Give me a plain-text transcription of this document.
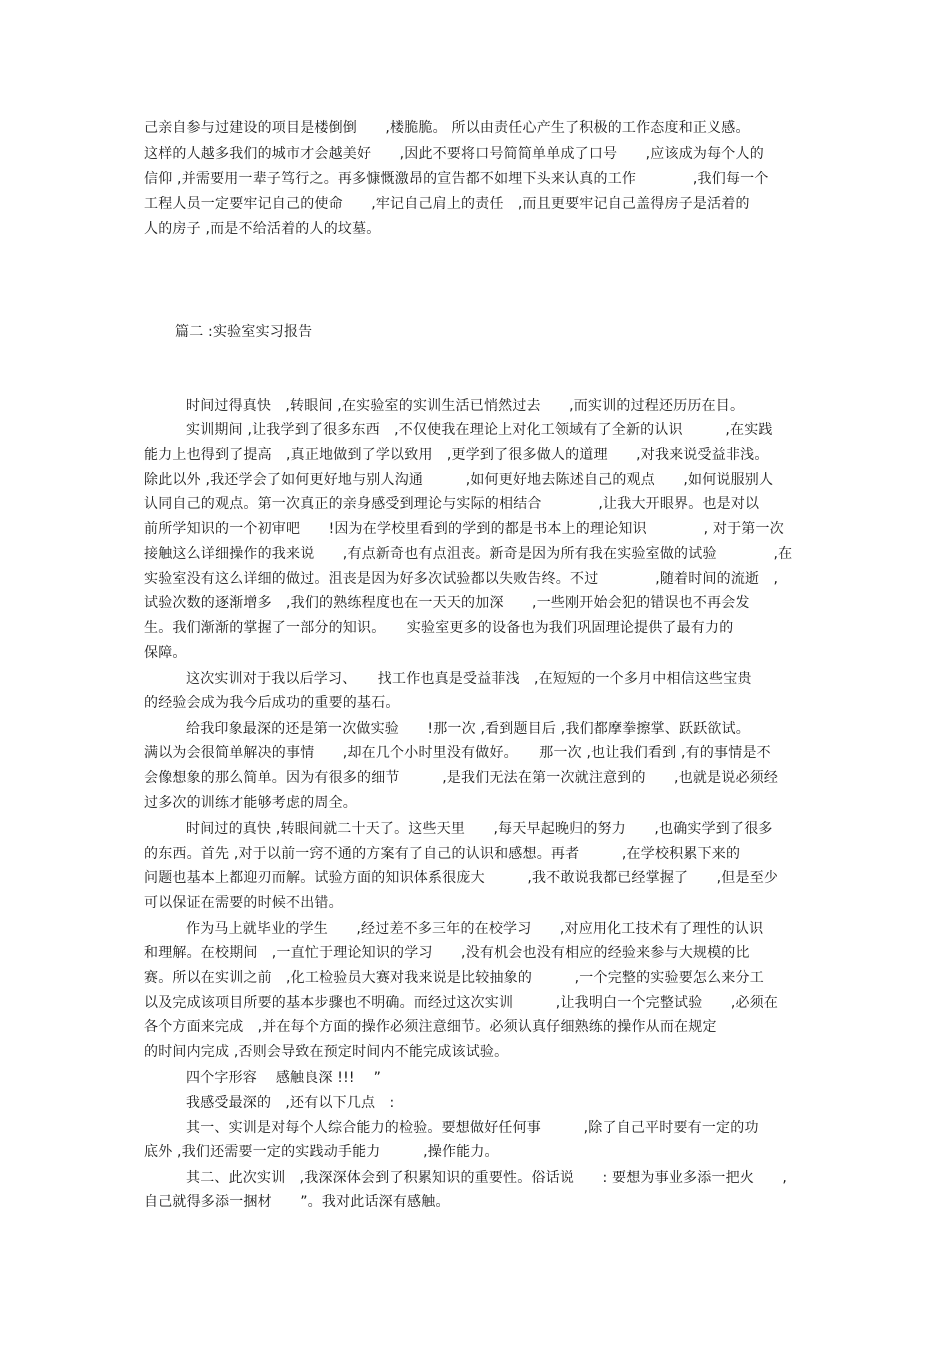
己亲自参与过建设的项目是楼倒倒　　,楼脆脆。 所以由责任心产生了积极的工作态度和正义感。
这样的人越多我们的城市才会越美好　　,因此不要将口号简简单单成了口号　　,应该成为每个人的
信仰 ,并需要用一辈子笃行之。再多慷慨激昂的宣告都不如埋下头来认真的工作　　　　,我们每一个
工程人员一定要牢记自己的使命　　,牢记自己肩上的责任　,而且更要牢记自己盖得房子是活着的
人的房子 ,而是不给活着的人的坟墓。
篇二 :实验室实习报告
时间过得真快　,转眼间 ,在实验室的实训生活已悄然过去　　,而实训的过程还历历在目。
实训期间 ,让我学到了很多东西　,不仅使我在理论上对化工领域有了全新的认识　　　,在实践
能力上也得到了提高　,真正地做到了学以致用　,更学到了很多做人的道理　　,对我来说受益非浅。
除此以外 ,我还学会了如何更好地与别人沟通　　　,如何更好地去陈述自己的观点　　,如何说服别人
认同自己的观点。第一次真正的亲身感受到理论与实际的相结合　　　　,让我大开眼界。也是对以
前所学知识的一个初审吧　　!因为在学校里看到的学到的都是书本上的理论知识　　　　, 对于第一次
接触这么详细操作的我来说　　,有点新奇也有点沮丧。新奇是因为所有我在实验室做的试验　　　　,在
实验室没有这么详细的做过。沮丧是因为好多次试验都以失败告终。不过　　　　,随着时间的流逝　,
试验次数的逐渐增多　,我们的熟练程度也在一天天的加深　　,一些刚开始会犯的错误也不再会发
生。我们渐渐的掌握了一部分的知识。　　实验室更多的设备也为我们巩固理论提供了最有力的
保障。
这次实训对于我以后学习、　　找工作也真是受益菲浅　,在短短的一个多月中相信这些宝贵
的经验会成为我今后成功的重要的基石。
给我印象最深的还是第一次做实验　　!那一次 ,看到题目后 ,我们都摩拳擦掌、跃跃欲试。
满以为会很简单解决的事情　　,却在几个小时里没有做好。　　那一次 ,也让我们看到 ,有的事情是不
会像想象的那么简单。因为有很多的细节　　　,是我们无法在第一次就注意到的　　,也就是说必须经
过多次的训练才能够考虑的周全。
时间过的真快 ,转眼间就二十天了。这些天里　　,每天早起晚归的努力　　,也确实学到了很多
的东西。首先 ,对于以前一窍不通的方案有了自己的认识和感想。再者　　　,在学校积累下来的
问题也基本上都迎刃而解。试验方面的知识体系很庞大　　　,我不敢说我都已经掌握了　　,但是至少
可以保证在需要的时候不出错。
作为马上就毕业的学生　　,经过差不多三年的在校学习　　,对应用化工技术有了理性的认识
和理解。在校期间　,一直忙于理论知识的学习　　,没有机会也没有相应的经验来参与大规模的比
赛。所以在实训之前　,化工检验员大赛对我来说是比较抽象的　　　,一个完整的实验要怎么来分工
以及完成该项目所要的基本步骤也不明确。而经过这次实训　　　,让我明白一个完整试验　　,必须在
各个方面来完成　,并在每个方面的操作必须注意细节。必须认真仔细熟练的操作从而在规定
的时间内完成 ,否则会导致在预定时间内不能完成该试验。
四个字形容　 感触良深 !!!　 ”
我感受最深的　,还有以下几点　:
其一、实训是对每个人综合能力的检验。要想做好任何事　　　,除了自己平时要有一定的功
底外 ,我们还需要一定的实践动手能力　　　,操作能力。
其二、此次实训　,我深深体会到了积累知识的重要性。俗话说　　: 要想为事业多添一把火　　,
自己就得多添一捆材　　”。我对此话深有感触。
